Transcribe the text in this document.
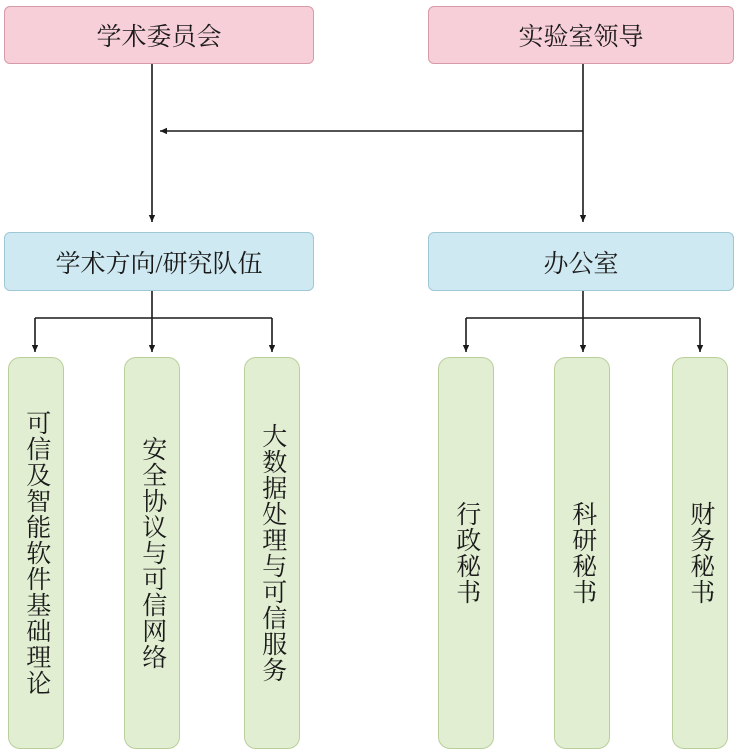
学术委员会	实验室领导
学术方向/研究队伍	办公室
可信及智能软件基础理论	安全协议与可信网络	大数据处理与可信服务	行政秘书	科研秘书	财务秘书
